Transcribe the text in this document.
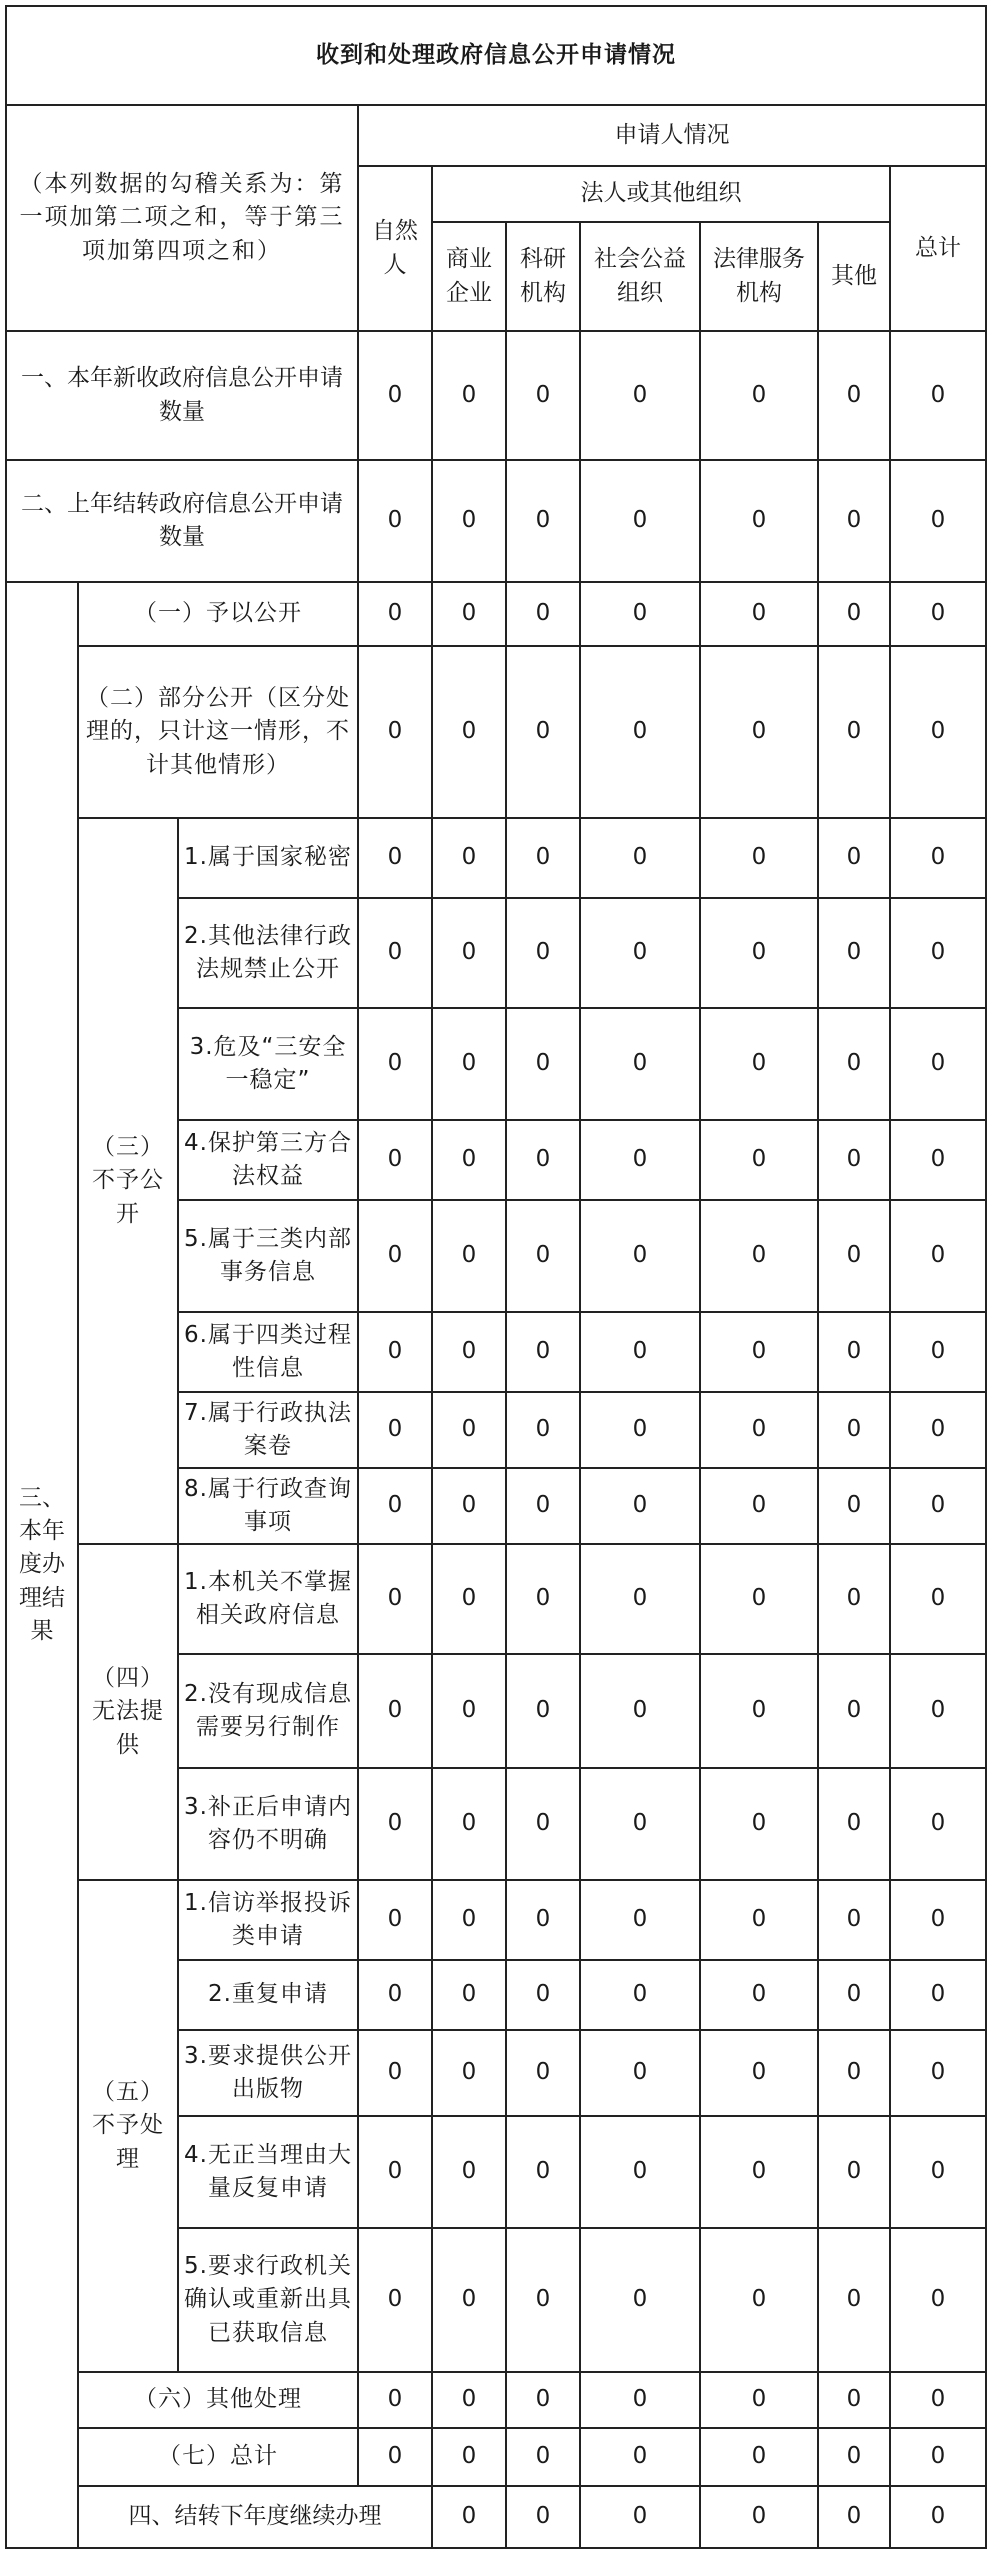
收到和处理政府信息公开申请情况										
（本列数据的勾稽关系为：第一项加第二项之和，等于第三项加第四项之和）			申请人情况							
			自然人	法人或其他组织					总计	
				商业企业	科研机构	社会公益组织	法律服务机构	其他		
一、本年新收政府信息公开申请数量			0	0	0	0	0	0	0	
二、上年结转政府信息公开申请数量			0	0	0	0	0	0	0	
三、本年度办理结果	（一）予以公开		0	0	0	0	0	0	0	
	（二）部分公开（区分处理的，只计这一情形，不计其他情形）		0	0	0	0	0	0	0	
	（三）不予公开	1.属于国家秘密	0	0	0	0	0	0	0	
		2.其他法律行政法规禁止公开	0	0	0	0	0	0	0	
		3.危及“三安全一稳定”	0	0	0	0	0	0	0	
		4.保护第三方合法权益	0	0	0	0	0	0	0	
		5.属于三类内部事务信息	0	0	0	0	0	0	0	
		6.属于四类过程性信息	0	0	0	0	0	0	0	
		7.属于行政执法案卷	0	0	0	0	0	0	0	
		8.属于行政查询事项	0	0	0	0	0	0	0	
	（四）无法提供	1.本机关不掌握相关政府信息	0	0	0	0	0	0	0	
		2.没有现成信息需要另行制作	0	0	0	0	0	0	0	
		3.补正后申请内容仍不明确	0	0	0	0	0	0	0	
	（五）不予处理	1.信访举报投诉类申请	0	0	0	0	0	0	0	
		2.重复申请	0	0	0	0	0	0	0	
		3.要求提供公开出版物	0	0	0	0	0	0	0	
		4.无正当理由大量反复申请	0	0	0	0	0	0	0	
		5.要求行政机关确认或重新出具已获取信息	0	0	0	0	0	0	0	
	（六）其他处理		0	0	0	0	0	0	0	
	（七）总计		0	0	0	0	0	0	0	
	四、结转下年度继续办理			0	0	0	0	0	0	
